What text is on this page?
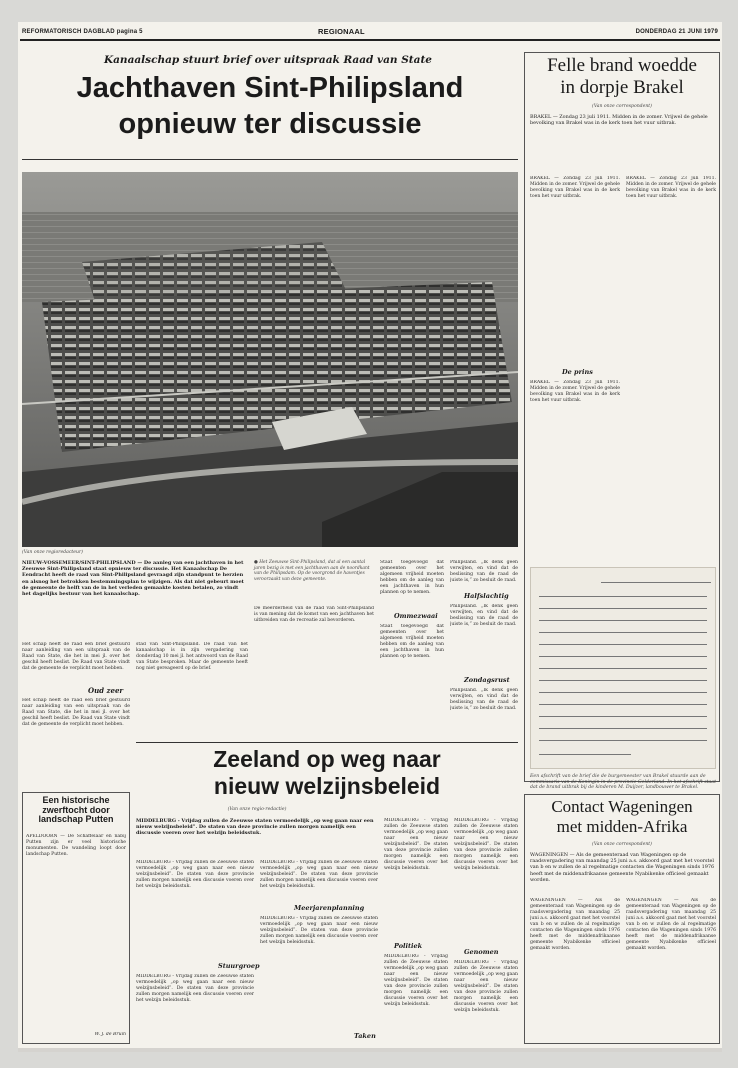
REFORMATORISCH DAGBLAD pagina 5	REGIONAAL	DONDERDAG 21 JUNI 1979
Kanaalschap stuurt brief over uitspraak Raad van State
Jachthaven Sint-Philipsland
opnieuw ter discussie
(Van onze regioredacteur)
NIEUW-VOSSEMEER/SINT-PHILIPSLAND — De aanleg van een jachthaven in het Zeeuwse Sint-Philipsland staat opnieuw ter discussie. Het Kanaalschap De Eendracht heeft de raad van Sint-Philipsland gevraagd zijn standpunt te herzien en alsnog het betrokken bestemmingsplan te wijzigen. Als dat niet gebeurt moet de gemeente de helft van de in het verleden gemaakte kosten betalen, zo vindt het dagelijks bestuur van het kanaalschap.
Het schap heeft de raad een brief gestuurd naar aanleiding van een uitspraak van de Raad van State, die het in mei jl. over het geschil heeft beslist. De Raad van State vindt dat de gemeente de verplicht moet hebben.
Oud zeer
Het schap heeft de raad een brief gestuurd naar aanleiding van een uitspraak van de Raad van State, die het in mei jl. over het geschil heeft beslist. De Raad van State vindt dat de gemeente de verplicht moet hebben.
stad van Sint-Philipsland. De raad van het kanaalschap is in zijn vergadering van donderdag 10 mei jl. het antwoord van de Raad van State besproken. Maar de gemeente heeft nog niet gereageerd op de brief.
● Het Zeeuwse Sint-Philipsland, dat al een aantal jaren bezig is met een jachthaven aan de noordkant van de Philipsdam. Op de voorgrond de haventjes veroorzaakt van deze gemeente.
De meerderheid van de raad van Sint-Philipsland is van mening dat de komst van een jachthaven het uitbreiden van de recreatie zal bevorderen.
Staat toegevoegd dat gemeenten over het algemeen vrijheid moeten hebben om de aanleg van een jachthaven in hun plannen op te nemen.
Ommezwaai
Staat toegevoegd dat gemeenten over het algemeen vrijheid moeten hebben om de aanleg van een jachthaven in hun plannen op te nemen.
Philipsland. „Ik denk geen verwijten, en vind dat de beslissing van de raad de juiste is,” zo besluit de raad.
Halfslachtig
Philipsland. „Ik denk geen verwijten, en vind dat de beslissing van de raad de juiste is,” zo besluit de raad.
Zondagsrust
Philipsland. „Ik denk geen verwijten, en vind dat de beslissing van de raad de juiste is,” zo besluit de raad.
Zeeland op weg naar
nieuw welzijnsbeleid
(Van onze regio-redactie)
MIDDELBURG - Vrijdag zullen de Zeeuwse staten vermoedelijk „op weg gaan naar een nieuw welzijnsbeleid”. De staten van deze provincie zullen morgen namelijk een discussie voeren over het welzijn beleidsstuk.
MIDDELBURG - Vrijdag zullen de Zeeuwse staten vermoedelijk „op weg gaan naar een nieuw welzijnsbeleid”. De staten van deze provincie zullen morgen namelijk een discussie voeren over het welzijn beleidsstuk.
Stuurgroep
MIDDELBURG - Vrijdag zullen de Zeeuwse staten vermoedelijk „op weg gaan naar een nieuw welzijnsbeleid”. De staten van deze provincie zullen morgen namelijk een discussie voeren over het welzijn beleidsstuk.
MIDDELBURG - Vrijdag zullen de Zeeuwse staten vermoedelijk „op weg gaan naar een nieuw welzijnsbeleid”. De staten van deze provincie zullen morgen namelijk een discussie voeren over het welzijn beleidsstuk.
Meerjarenplanning
MIDDELBURG - Vrijdag zullen de Zeeuwse staten vermoedelijk „op weg gaan naar een nieuw welzijnsbeleid”. De staten van deze provincie zullen morgen namelijk een discussie voeren over het welzijn beleidsstuk.
Taken
MIDDELBURG - Vrijdag zullen de Zeeuwse staten vermoedelijk „op weg gaan naar een nieuw welzijnsbeleid”. De staten van deze provincie zullen morgen namelijk een discussie voeren over het welzijn beleidsstuk.
Politiek
MIDDELBURG - Vrijdag zullen de Zeeuwse staten vermoedelijk „op weg gaan naar een nieuw welzijnsbeleid”. De staten van deze provincie zullen morgen namelijk een discussie voeren over het welzijn beleidsstuk.
MIDDELBURG - Vrijdag zullen de Zeeuwse staten vermoedelijk „op weg gaan naar een nieuw welzijnsbeleid”. De staten van deze provincie zullen morgen namelijk een discussie voeren over het welzijn beleidsstuk.
Genomen
MIDDELBURG - Vrijdag zullen de Zeeuwse staten vermoedelijk „op weg gaan naar een nieuw welzijnsbeleid”. De staten van deze provincie zullen morgen namelijk een discussie voeren over het welzijn beleidsstuk.
Een historische zwerftocht door landschap Putten
APELDOORN — De Schaffelaar en nabij Putten zijn er veel historische monumenten. De wandeling loopt door landschap Putten.
W. J. de Bruin
Felle brand woedde
in dorpje Brakel
(Van onze correspondent)
BRAKEL — Zondag 23 juli 1911. Midden in de zomer. Vrijwel de gehele bevolking van Brakel was in de kerk toen het vuur uitbrak.
BRAKEL — Zondag 23 juli 1911. Midden in de zomer. Vrijwel de gehele bevolking van Brakel was in de kerk toen het vuur uitbrak.
De prins
BRAKEL — Zondag 23 juli 1911. Midden in de zomer. Vrijwel de gehele bevolking van Brakel was in de kerk toen het vuur uitbrak.
BRAKEL — Zondag 23 juli 1911. Midden in de zomer. Vrijwel de gehele bevolking van Brakel was in de kerk toen het vuur uitbrak.
Een afschrift van de brief die de burgemeester van Brakel stuurde aan de commissaris van de Koningin in de provincie Gelderland. In het afschrift staat dat de brand uitbrak bij de kinderen M. Duijzer, landbouwer te Brakel.
Contact Wageningen
met midden-Afrika
(Van onze correspondent)
WAGENINGEN — Als de gemeenteraad van Wageningen op de raadsvergadering van maandag 25 juni a.s. akkoord gaat met het voorstel van b en w zullen de al regelmatige contacten die Wageningen sinds 1976 heeft met de middenafrikaanse gemeente Nyabikenke officieel gemaakt worden.
WAGENINGEN — Als de gemeenteraad van Wageningen op de raadsvergadering van maandag 25 juni a.s. akkoord gaat met het voorstel van b en w zullen de al regelmatige contacten die Wageningen sinds 1976 heeft met de middenafrikaanse gemeente Nyabikenke officieel gemaakt worden.
WAGENINGEN — Als de gemeenteraad van Wageningen op de raadsvergadering van maandag 25 juni a.s. akkoord gaat met het voorstel van b en w zullen de al regelmatige contacten die Wageningen sinds 1976 heeft met de middenafrikaanse gemeente Nyabikenke officieel gemaakt worden.
